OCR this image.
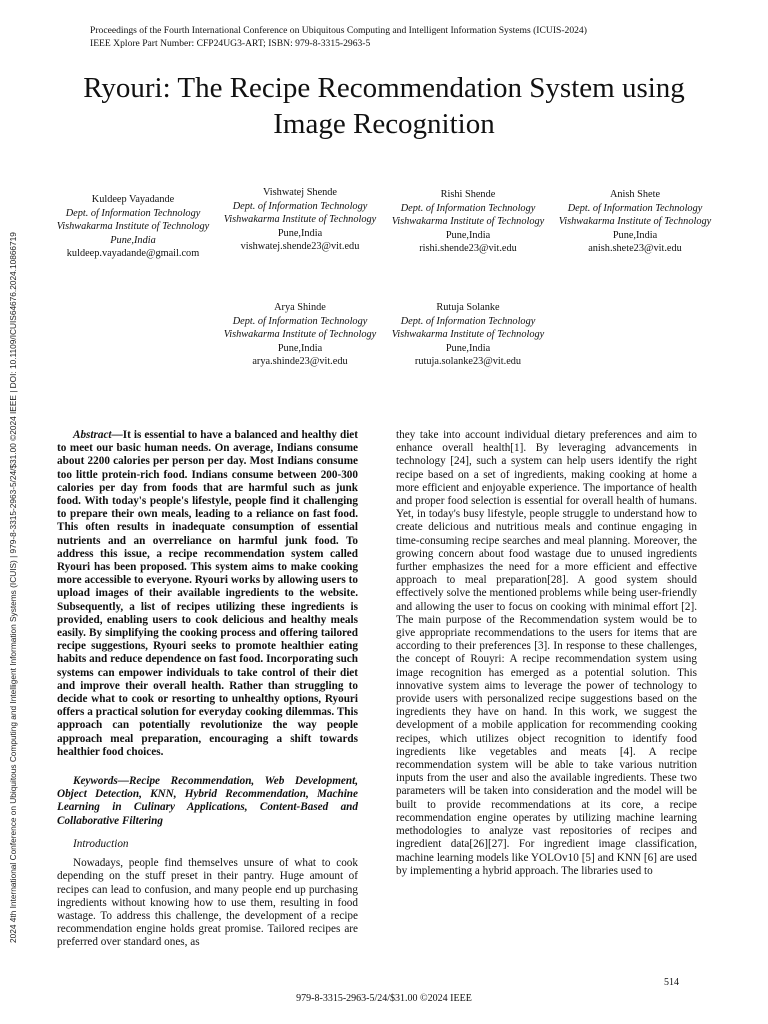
2024 4th International Conference on Ubiquitous Computing and Intelligent Information Systems (ICUIS) | 979-8-3315-2963-5/24/$31.00 ©2024 IEEE | DOI: 10.1109/ICUIS64676.2024.10866719
Proceedings of the Fourth International Conference on Ubiquitous Computing and Intelligent Information Systems (ICUIS-2024)
IEEE Xplore Part Number: CFP24UG3-ART; ISBN: 979-8-3315-2963-5
Ryouri: The Recipe Recommendation System using
Image Recognition
Kuldeep Vayadande
Dept. of Information Technology
Vishwakarma Institute of Technology
Pune,India
kuldeep.vayadande@gmail.com
Vishwatej Shende
Dept. of Information Technology
Vishwakarma Institute of Technology
Pune,India
vishwatej.shende23@vit.edu
Rishi Shende
Dept. of Information Technology
Vishwakarma Institute of Technology
Pune,India
rishi.shende23@vit.edu
Anish Shete
Dept. of Information Technology
Vishwakarma Institute of Technology
Pune,India
anish.shete23@vit.edu
Arya Shinde
Dept. of Information Technology
Vishwakarma Institute of Technology
Pune,India
arya.shinde23@vit.edu
Rutuja Solanke
Dept. of Information Technology
Vishwakarma Institute of Technology
Pune,India
rutuja.solanke23@vit.edu

Abstract—It is essential to have a balanced and healthy diet to meet our basic human needs. On average, Indians consume about 2200 calories per person per day. Most Indians consume too little protein-rich food. Indians consume between 200-300 calories per day from foods that are harmful such as junk food. With today's people's lifestyle, people find it challenging to prepare their own meals, leading to a reliance on fast food. This often results in inadequate consumption of essential nutrients and an overreliance on harmful junk food. To address this issue, a recipe recommendation system called Ryouri has been proposed. This system aims to make cooking more accessible to everyone. Ryouri works by allowing users to upload images of their available ingredients to the website. Subsequently, a list of recipes utilizing these ingredients is provided, enabling users to cook delicious and healthy meals easily. By simplifying the cooking process and offering tailored recipe suggestions, Ryouri seeks to promote healthier eating habits and reduce dependence on fast food. Incorporating such systems can empower individuals to take control of their diet and improve their overall health. Rather than struggling to decide what to cook or resorting to unhealthy options, Ryouri offers a practical solution for everyday cooking dilemmas. This approach can potentially revolutionize the way people approach meal preparation, encouraging a shift towards healthier food choices.

Keywords—Recipe Recommendation, Web Development, Object Detection, KNN, Hybrid Recommendation, Machine Learning in Culinary Applications, Content-Based and Collaborative Filtering

Introduction

Nowadays, people find themselves unsure of what to cook depending on the stuff preset in their pantry. Huge amount of recipes can lead to confusion, and many people end up purchasing ingredients without knowing how to use them, resulting in food wastage. To address this challenge, the development of a recipe recommendation engine holds great promise. Tailored recipes are preferred over standard ones, as

they take into account individual dietary preferences and aim to enhance overall health[1]. By leveraging advancements in technology [24], such a system can help users identify the right recipe based on a set of ingredients, making cooking at home a more efficient and enjoyable experience. The importance of health and proper food selection is essential for overall health of humans. Yet, in today's busy lifestyle, people struggle to understand how to create delicious and nutritious meals and continue engaging in time-consuming recipe searches and meal planning. Moreover, the growing concern about food wastage due to unused ingredients further emphasizes the need for a more efficient and effective approach to meal preparation[28]. A good system should effectively solve the mentioned problems while being user-friendly and allowing the user to focus on cooking with minimal effort [2]. The main purpose of the Recommendation system would be to give appropriate recommendations to the users for items that are according to their preferences [3]. In response to these challenges, the concept of Rouyri: A recipe recommendation system using image recognition has emerged as a potential solution. This innovative system aims to leverage the power of technology to provide users with personalized recipe suggestions based on the ingredients they have on hand. In this work, we suggest the development of a mobile application for recommending cooking recipes, which utilizes object recognition to identify food ingredients like vegetables and meats [4]. A recipe recommendation system will be able to take various nutrition inputs from the user and also the available ingredients. These two parameters will be taken into consideration and the model will be built to provide recommendations at its core, a recipe recommendation engine operates by utilizing machine learning methodologies to analyze vast repositories of recipes and ingredient data[26][27]. For ingredient image classification, machine learning models like YOLOv10 [5] and KNN [6] are used by implementing a hybrid approach. The libraries used to

514
979-8-3315-2963-5/24/$31.00 ©2024 IEEE
